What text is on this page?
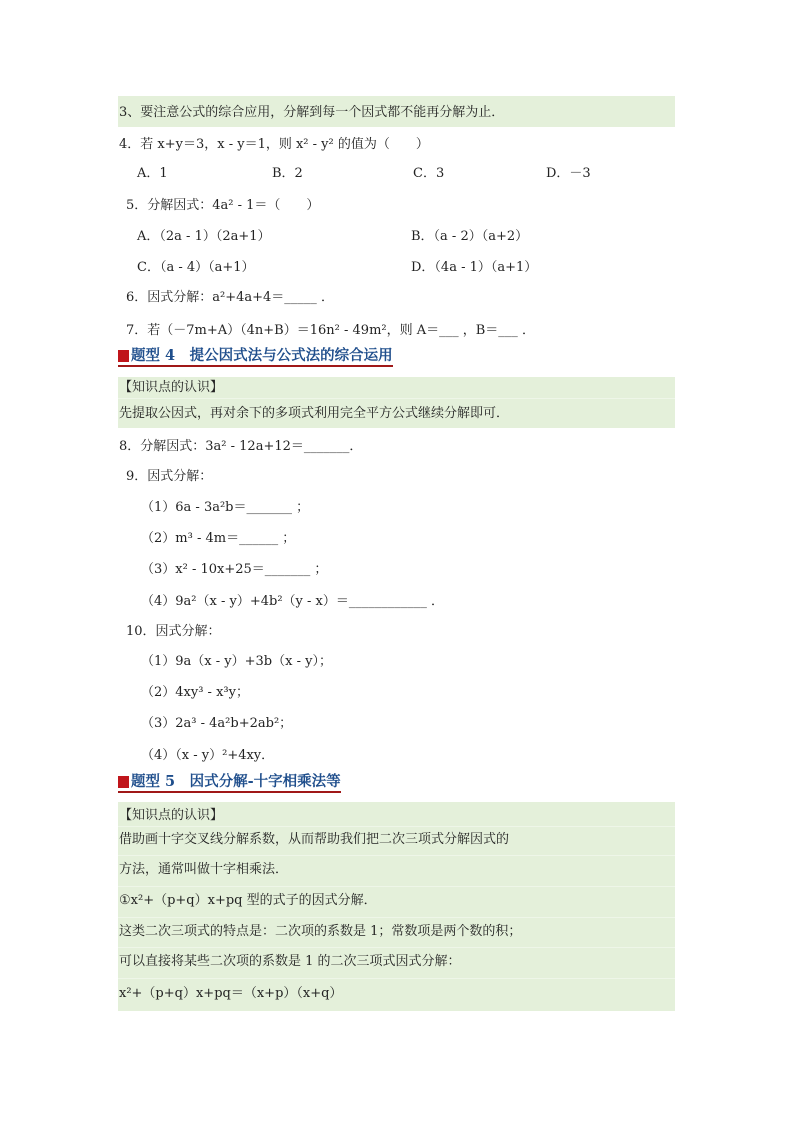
3、要注意公式的综合应用，分解到每一个因式都不能再分解为止．
4．若 x+y＝3，x - y＝1，则 x² - y² 的值为（　　）
A．1	B．2	C．3	D．－3
5．分解因式：4a² - 1＝（　　）
A．（2a - 1）（2a+1）	B．（a - 2）（a+2）
C．（a - 4）（a+1）	D．（4a - 1）（a+1）
6．因式分解：a²+4a+4＝_____ ．
7．若（－7m+A）（4n+B）＝16n² - 49m²，则 A＝___ ，B＝___ ．
题型 4　提公因式法与公式法的综合运用
【知识点的认识】
先提取公因式，再对余下的多项式利用完全平方公式继续分解即可．
8．分解因式：3a² - 12a+12＝_______．
9．因式分解：
（1）6a - 3a²b＝_______ ；
（2）m³ - 4m＝______ ；
（3）x² - 10x+25＝_______ ；
（4）9a²（x - y）+4b²（y - x）＝____________ ．
10．因式分解：
（1）9a（x - y）+3b（x - y）；
（2）4xy³ - x³y；
（3）2a³ - 4a²b+2ab²；
（4）（x - y）²+4xy．
题型 5　因式分解-十字相乘法等
【知识点的认识】
借助画十字交叉线分解系数，从而帮助我们把二次三项式分解因式的
方法，通常叫做十字相乘法．
①x²+（p+q）x+pq 型的式子的因式分解．
这类二次三项式的特点是：二次项的系数是 1；常数项是两个数的积；
可以直接将某些二次项的系数是 1 的二次三项式因式分解：
x²+（p+q）x+pq＝（x+p）（x+q）
